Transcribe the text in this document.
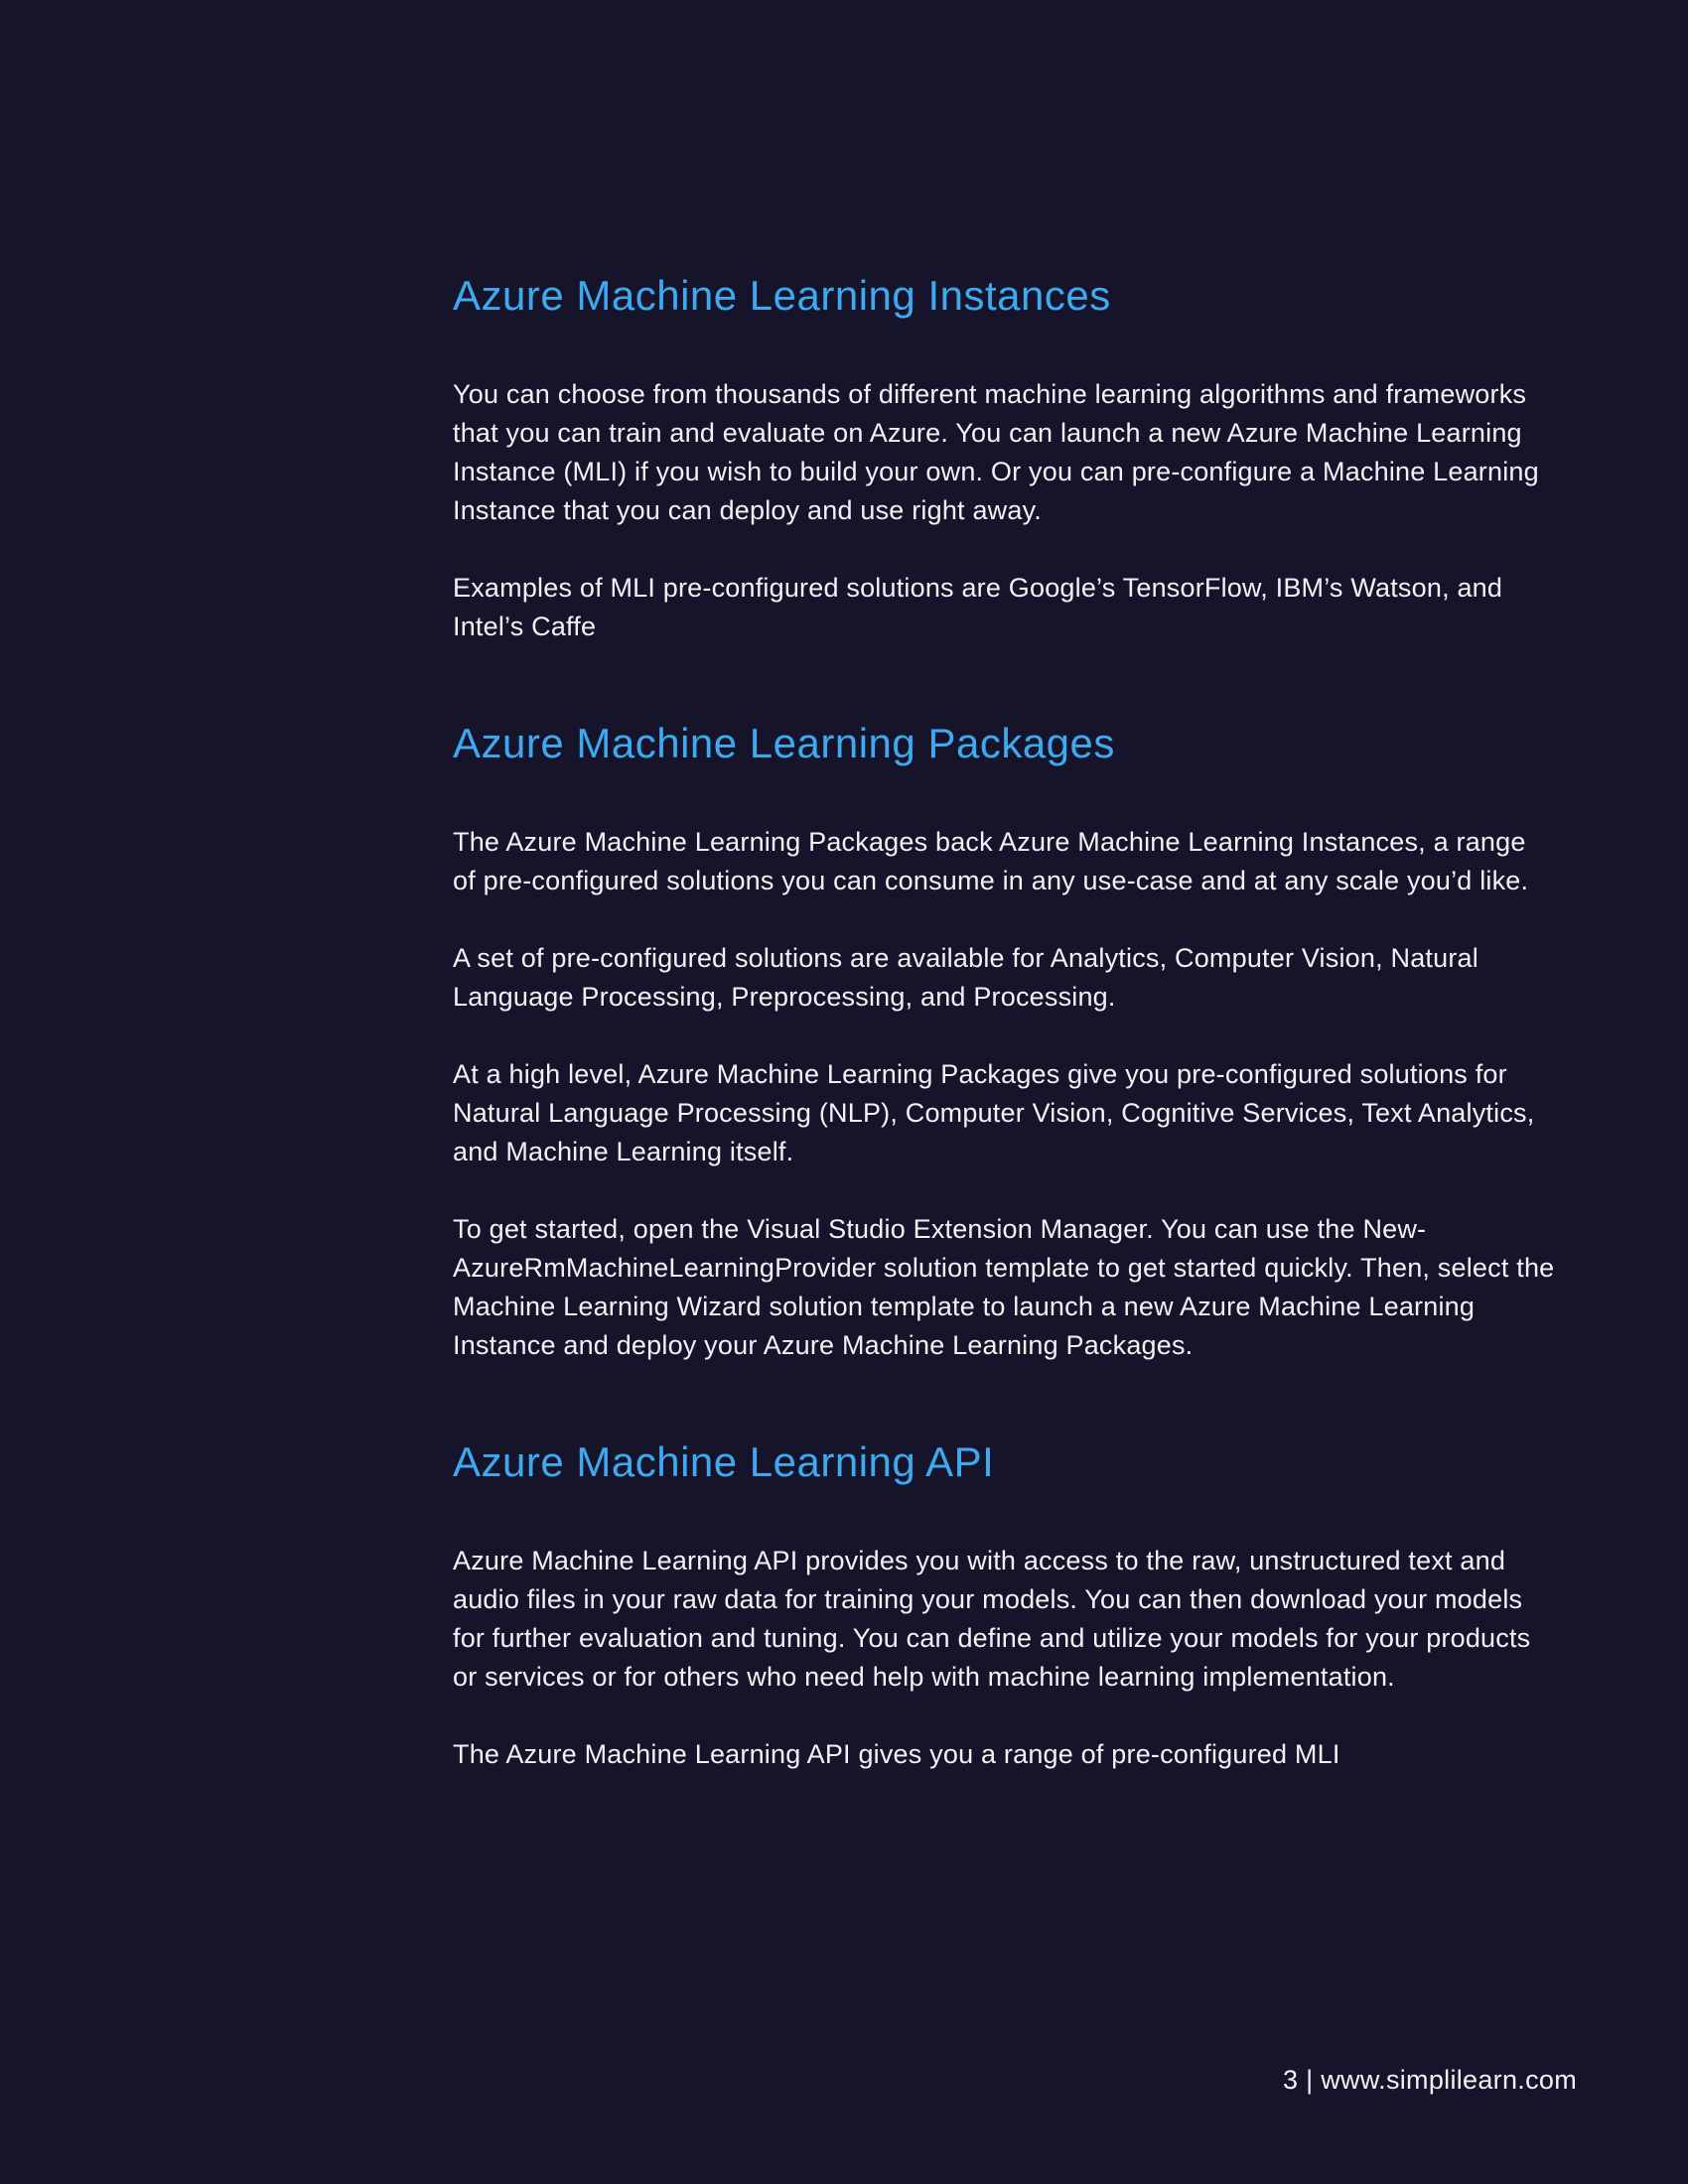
Azure Machine Learning Instances

You can choose from thousands of different machine learning algorithms and frameworks that you can train and evaluate on Azure. You can launch a new Azure Machine Learning Instance (MLI) if you wish to build your own. Or you can pre-configure a Machine Learning Instance that you can deploy and use right away.

Examples of MLI pre-configured solutions are Google’s TensorFlow, IBM’s Watson, and Intel’s Caffe

Azure Machine Learning Packages

The Azure Machine Learning Packages back Azure Machine Learning Instances, a range of pre-configured solutions you can consume in any use-case and at any scale you’d like.

A set of pre-configured solutions are available for Analytics, Computer Vision, Natural Language Processing, Preprocessing, and Processing.

At a high level, Azure Machine Learning Packages give you pre-configured solutions for Natural Language Processing (NLP), Computer Vision, Cognitive Services, Text Analytics, and Machine Learning itself.

To get started, open the Visual Studio Extension Manager. You can use the New-AzureRmMachineLearningProvider solution template to get started quickly. Then, select the Machine Learning Wizard solution template to launch a new Azure Machine Learning Instance and deploy your Azure Machine Learning Packages.

Azure Machine Learning API

Azure Machine Learning API provides you with access to the raw, unstructured text and audio files in your raw data for training your models. You can then download your models for further evaluation and tuning. You can define and utilize your models for your products or services or for others who need help with machine learning implementation.

The Azure Machine Learning API gives you a range of pre-configured MLI

3 | www.simplilearn.com
